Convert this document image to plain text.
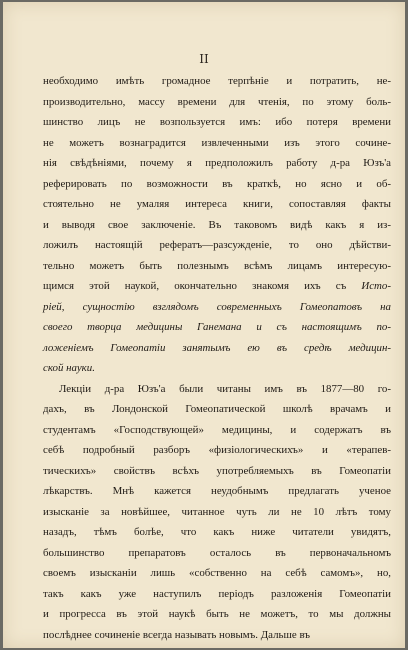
II
необходимо имѣть громадное терпѣніе и потратить, не-
производительно, массу времени для чтенія, по этому боль-
шинство лицъ не возпользуется имъ: ибо потеря времени
не можетъ вознаградится извлеченными изъ этого сочине-
нія свѣдѣніями, почему я предположилъ работу д-ра Юзъ'а
реферировать по возможности въ краткѣ, но ясно и об-
стоятельно не умаляя интереса книги, сопоставляя факты
и выводя свое заключеніе. Въ таковомъ видѣ какъ я из-
ложилъ настоящій рефератъ—разсужденіе, то оно дѣйстви-
тельно можетъ быть полезнымъ всѣмъ лицамъ интересую-
щимся этой наукой, окончательно знакомя ихъ съ Исто-
ріей, сущностію взглядомъ современныхъ Гомеопатовъ на
своего творца медицины Ганемана и съ настоящимъ по-
ложеніемъ Гомеопатіи занятымъ ею въ средѣ медицин-
ской науки.
Лекціи д-ра Юзъ'а были читаны имъ въ 1877—80 го-
дахъ, въ Лондонской Гомеопатической школѣ врачамъ и
студентамъ «Господствующей» медицины, и содержатъ въ
себѣ подробный разборъ «физіологическихъ» и «терапев-
тическихъ» свойствъ всѣхъ употребляемыхъ въ Гомеопатіи
лѣкарствъ. Мнѣ кажется неудобнымъ предлагать ученое
изысканіе за новѣйшее, читанное чуть ли не 10 лѣтъ тому
назадъ, тѣмъ болѣе, что какъ ниже читатели увидятъ,
большинство препаратовъ осталось въ первоначальномъ
своемъ изысканіи лишь «собственно на себѣ самомъ», но,
такъ какъ уже наступилъ періодъ разложенія Гомеопатіи
и прогресса въ этой наукѣ быть не можетъ, то мы должны
послѣднее сочиненіе всегда называть новымъ. Дальше въ
